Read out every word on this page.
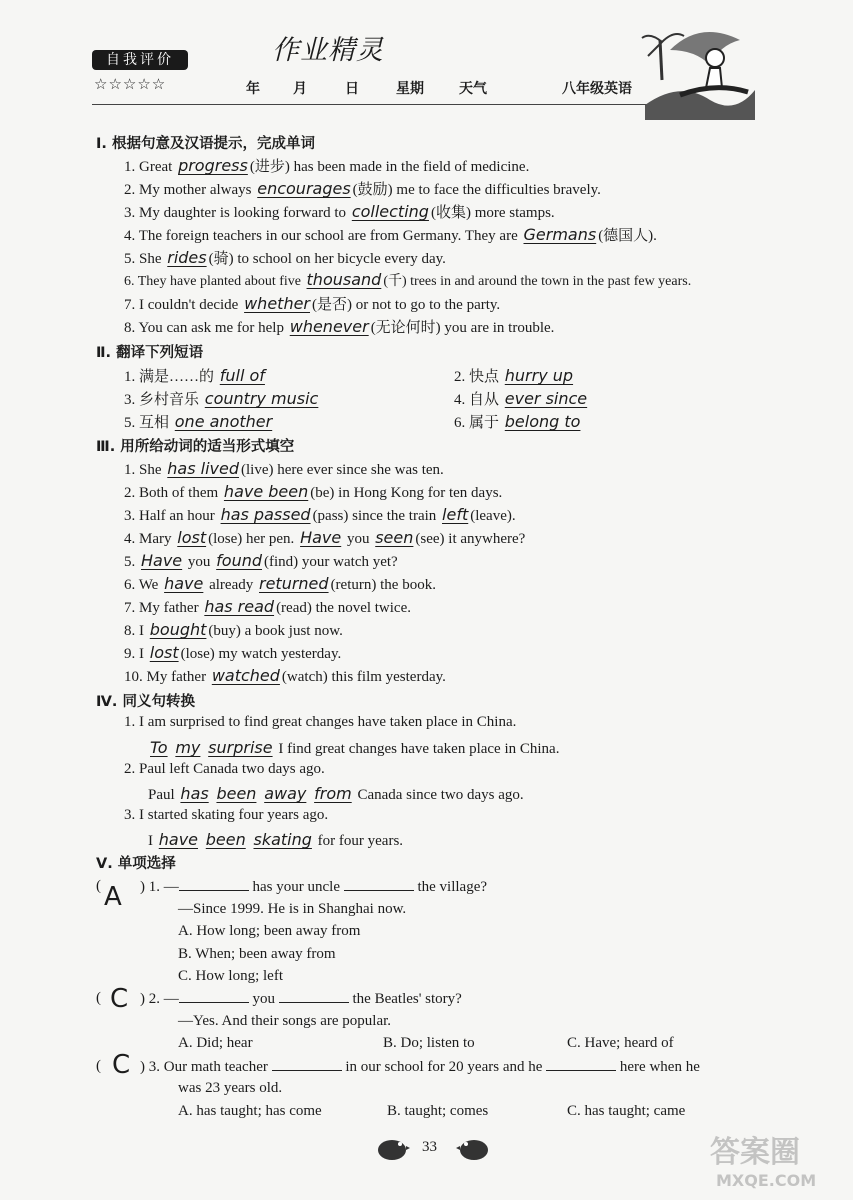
自我评价
☆☆☆☆☆
作业精灵
年 月	日	星期	天气	八年级英语
Ⅰ. 根据句意及汉语提示，完成单词
1. Great progress (进步) has been made in the field of medicine.
2. My mother always encourages (鼓励) me to face the difficulties bravely.
3. My daughter is looking forward to collecting (收集) more stamps.
4. The foreign teachers in our school are from Germany. They are Germans (德国人).
5. She rides (骑) to school on her bicycle every day.
6. They have planted about five thousand (千) trees in and around the town in the past few years.
7. I couldn't decide whether (是否) or not to go to the party.
8. You can ask me for help whenever (无论何时) you are in trouble.
Ⅱ. 翻译下列短语
1. 满是……的 full of	2. 快点 hurry up
3. 乡村音乐 country music	4. 自从 ever since
5. 互相 one another	6. 属于 belong to
Ⅲ. 用所给动词的适当形式填空
1. She has lived (live) here ever since she was ten.
2. Both of them have been (be) in Hong Kong for ten days.
3. Half an hour has passed (pass) since the train left (leave).
4. Mary lost (lose) her pen. Have you seen (see) it anywhere?
5. Have you found (find) your watch yet?
6. We have already returned (return) the book.
7. My father has read (read) the novel twice.
8. I bought (buy) a book just now.
9. I lost (lose) my watch yesterday.
10. My father watched (watch) this film yesterday.
Ⅳ. 同义句转换
1. I am surprised to find great changes have taken place in China.
To my surprise I find great changes have taken place in China.
2. Paul left Canada two days ago.
Paul has been away from Canada since two days ago.
3. I started skating four years ago.
I have been skating for four years.
Ⅴ. 单项选择
( A ) 1. —	has your uncle	the village?
—Since 1999. He is in Shanghai now.
A. How long; been away from
B. When; been away from
C. How long; left
( C ) 2. —	you	the Beatles' story?
—Yes. And their songs are popular.
A. Did; hear	B. Do; listen to	C. Have; heard of
( C ) 3. Our math teacher	in our school for 20 years and he	here when he
was 23 years old.
A. has taught; has come	B. taught; comes	C. has taught; came
33	答案圈
MXQE.COM
